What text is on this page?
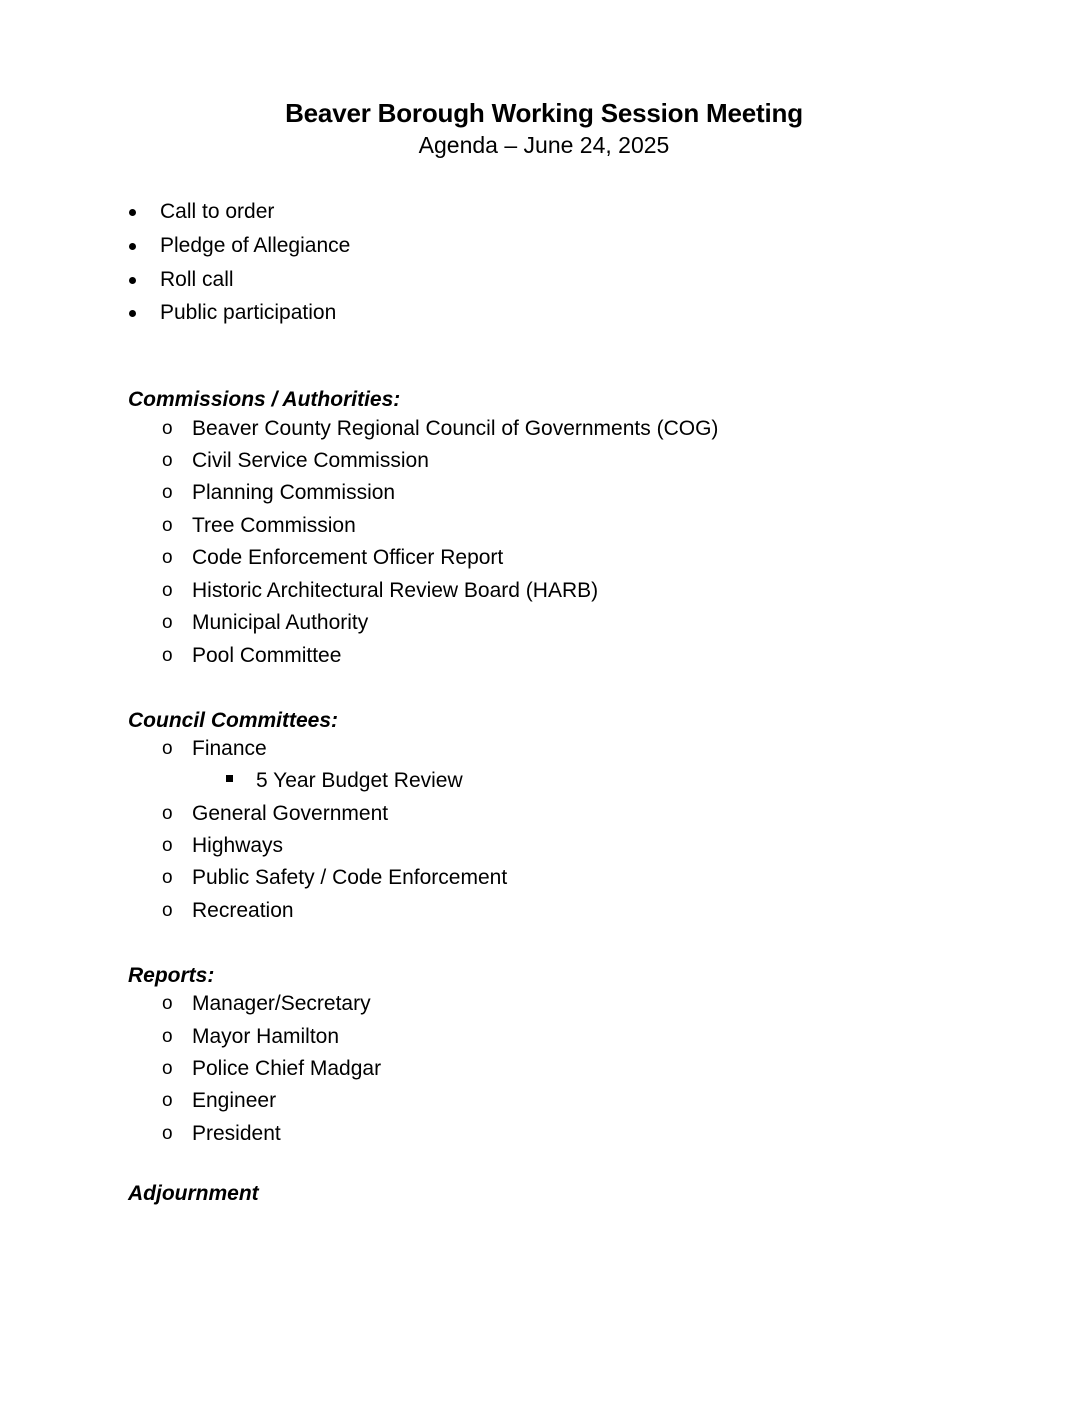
Beaver Borough Working Session Meeting
Agenda – June 24, 2025
Call to order
Pledge of Allegiance
Roll call
Public participation
Commissions / Authorities:
o Beaver County Regional Council of Governments (COG)
o Civil Service Commission
o Planning Commission
o Tree Commission
o Code Enforcement Officer Report
o Historic Architectural Review Board (HARB)
o Municipal Authority
o Pool Committee
Council Committees:
o Finance
5 Year Budget Review
o General Government
o Highways
o Public Safety / Code Enforcement
o Recreation
Reports:
o Manager/Secretary
o Mayor Hamilton
o Police Chief Madgar
o Engineer
o President
Adjournment
